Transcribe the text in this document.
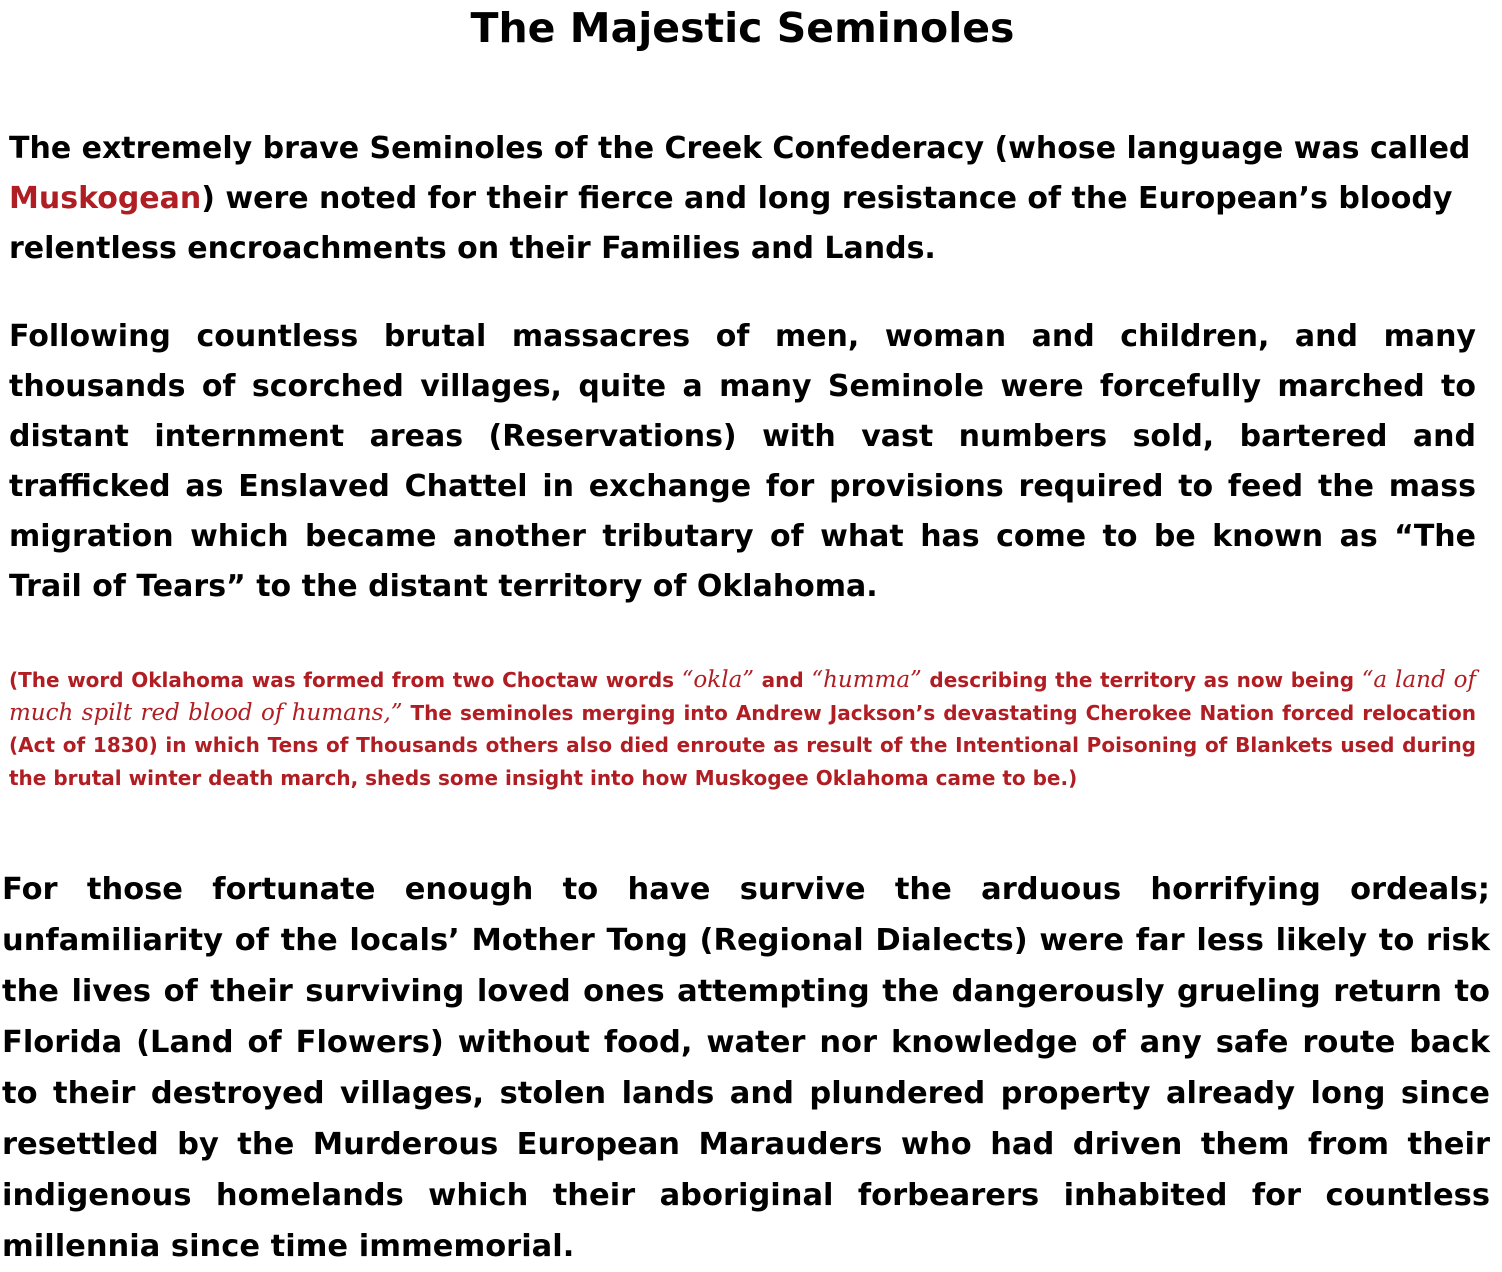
The Majestic Seminoles

The extremely brave Seminoles of the Creek Confederacy (whose language was called Muskogean) were noted for their fierce and long resistance of the European’s bloody relentless encroachments on their Families and Lands.

Following countless brutal massacres of men, woman and children, and many thousands of scorched villages, quite a many Seminole were forcefully marched to distant internment areas (Reservations) with vast numbers sold, bartered and trafficked as Enslaved Chattel in exchange for provisions required to feed the mass migration which became another tributary of what has come to be known as “The Trail of Tears” to the distant territory of Oklahoma.

(The word Oklahoma was formed from two Choctaw words “okla” and “humma” describing the territory as now being “a land of much spilt red blood of humans,” The seminoles merging into Andrew Jackson’s devastating Cherokee Nation forced relocation (Act of 1830) in which Tens of Thousands others also died enroute as result of the Intentional Poisoning of Blankets used during the brutal winter death march, sheds some insight into how Muskogee Oklahoma came to be.)

For those fortunate enough to have survive the arduous horrifying ordeals; unfamiliarity of the locals’ Mother Tong (Regional Dialects) were far less likely to risk the lives of their surviving loved ones attempting the dangerously grueling return to Florida (Land of Flowers) without food, water nor knowledge of any safe route back to their destroyed villages, stolen lands and plundered property already long since resettled by the Murderous European Marauders who had driven them from their indigenous homelands which their aboriginal forbearers inhabited for countless millennia since time immemorial.
